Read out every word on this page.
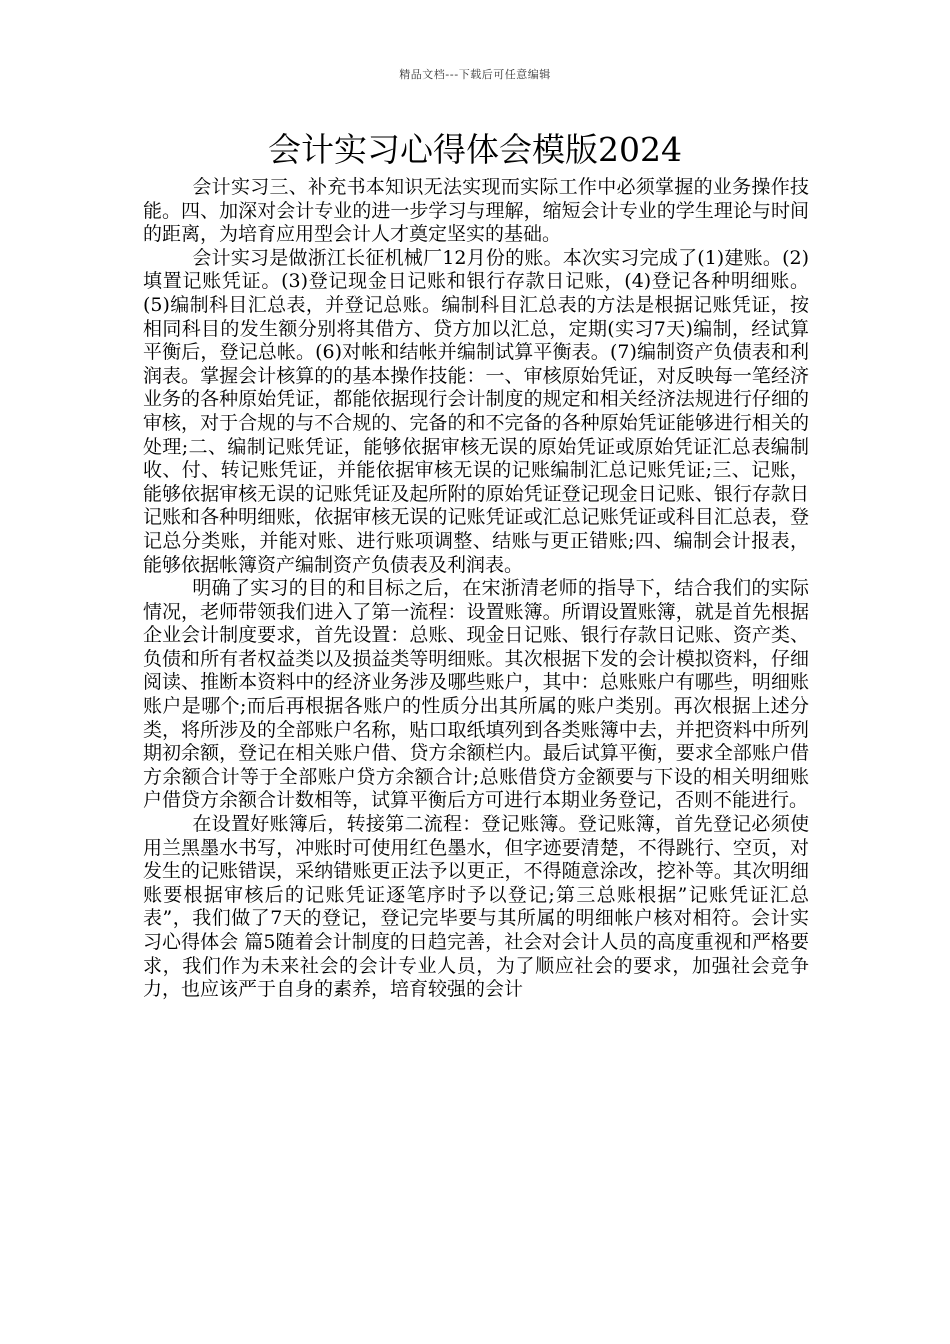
精品文档---下载后可任意编辑
会计实习心得体会模版2024

会计实习三、补充书本知识无法实现而实际工作中必须掌握的业务操作技能。四、加深对会计专业的进一步学习与理解，缩短会计专业的学生理论与时间的距离，为培育应用型会计人才奠定坚实的基础。

会计实习是做浙江长征机械厂12月份的账。本次实习完成了(1)建账。(2)填置记账凭证。(3)登记现金日记账和银行存款日记账，(4)登记各种明细账。(5)编制科目汇总表，并登记总账。编制科目汇总表的方法是根据记账凭证，按相同科目的发生额分别将其借方、贷方加以汇总，定期(实习7天)编制，经试算平衡后，登记总帐。(6)对帐和结帐并编制试算平衡表。(7)编制资产负债表和利润表。掌握会计核算的的基本操作技能：一、审核原始凭证，对反映每一笔经济业务的各种原始凭证，都能依据现行会计制度的规定和相关经济法规进行仔细的审核，对于合规的与不合规的、完备的和不完备的各种原始凭证能够进行相关的处理;二、编制记账凭证，能够依据审核无误的原始凭证或原始凭证汇总表编制收、付、转记账凭证，并能依据审核无误的记账编制汇总记账凭证;三、记账，能够依据审核无误的记账凭证及起所附的原始凭证登记现金日记账、银行存款日记账和各种明细账，依据审核无误的记账凭证或汇总记账凭证或科目汇总表，登记总分类账，并能对账、进行账项调整、结账与更正错账;四、编制会计报表，能够依据帐簿资产编制资产负债表及利润表。

明确了实习的目的和目标之后，在宋浙清老师的指导下，结合我们的实际情况，老师带领我们进入了第一流程：设置账簿。所谓设置账簿，就是首先根据企业会计制度要求，首先设置：总账、现金日记账、银行存款日记账、资产类、负债和所有者权益类以及损益类等明细账。其次根据下发的会计模拟资料，仔细阅读、推断本资料中的经济业务涉及哪些账户，其中：总账账户有哪些，明细账账户是哪个;而后再根据各账户的性质分出其所属的账户类别。再次根据上述分类，将所涉及的全部账户名称，贴口取纸填列到各类账簿中去，并把资料中所列期初余额，登记在相关账户借、贷方余额栏内。最后试算平衡，要求全部账户借方余额合计等于全部账户贷方余额合计;总账借贷方金额要与下设的相关明细账户借贷方余额合计数相等，试算平衡后方可进行本期业务登记，否则不能进行。

在设置好账簿后，转接第二流程：登记账簿。登记账簿，首先登记必须使用兰黑墨水书写，冲账时可使用红色墨水，但字迹要清楚，不得跳行、空页，对发生的记账错误，采纳错账更正法予以更正，不得随意涂改，挖补等。其次明细账要根据审核后的记账凭证逐笔序时予以登记;第三总账根据”记账凭证汇总表”，我们做了7天的登记，登记完毕要与其所属的明细帐户核对相符。会计实习心得体会 篇5随着会计制度的日趋完善，社会对会计人员的高度重视和严格要求，我们作为未来社会的会计专业人员，为了顺应社会的要求，加强社会竞争力，也应该严于自身的素养，培育较强的会计
